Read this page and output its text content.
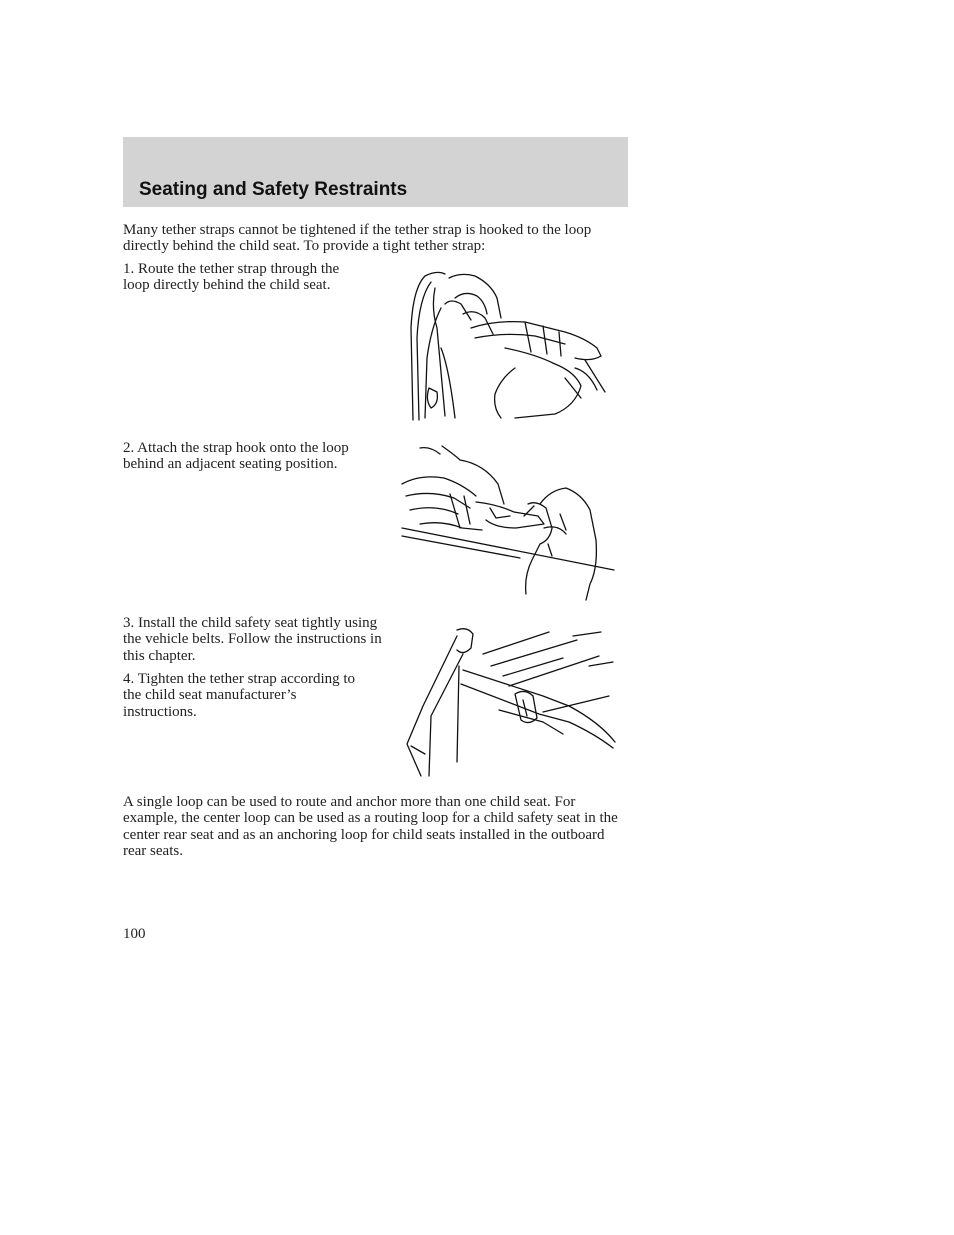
Seating and Safety Restraints

Many tether straps cannot be tightened if the tether strap is hooked to the loop directly behind the child seat. To provide a tight tether strap:

1. Route the tether strap through the loop directly behind the child seat.

2. Attach the strap hook onto the loop behind an adjacent seating position.

3. Install the child safety seat tightly using the vehicle belts. Follow the instructions in this chapter.

4. Tighten the tether strap according to the child seat manufacturer’s instructions.

A single loop can be used to route and anchor more than one child seat. For example, the center loop can be used as a routing loop for a child safety seat in the center rear seat and as an anchoring loop for child seats installed in the outboard rear seats.

100
